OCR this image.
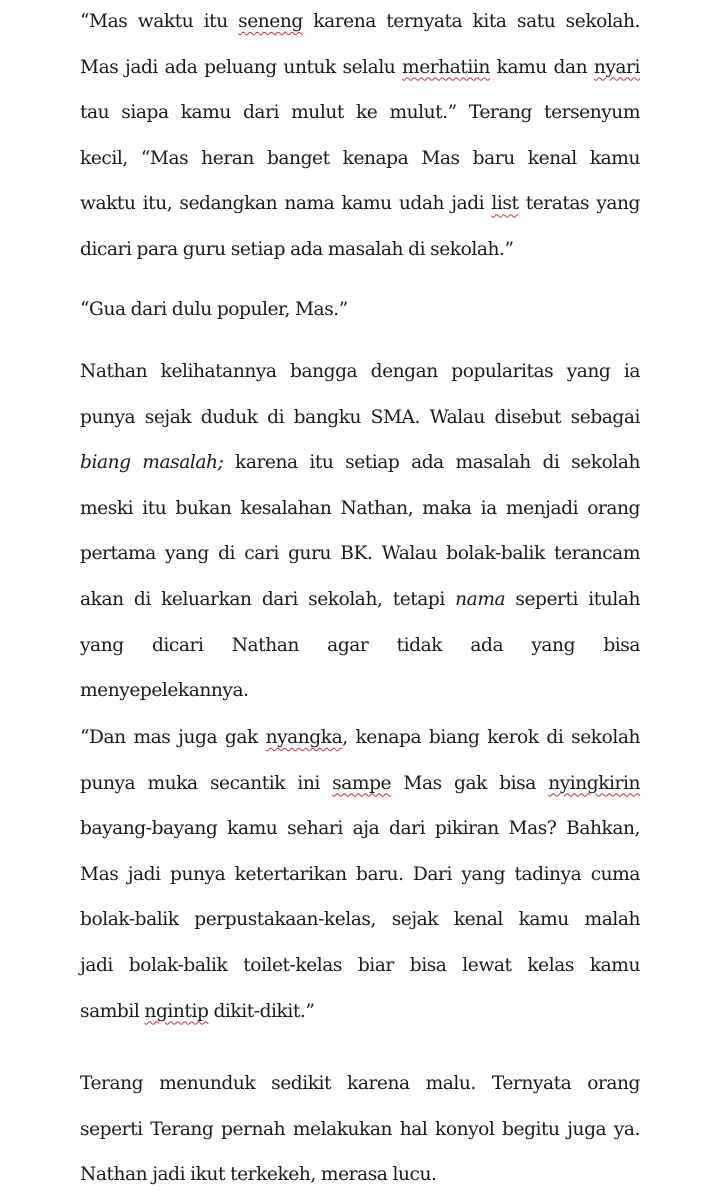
“Mas waktu itu seneng karena ternyata kita satu sekolah.
Mas jadi ada peluang untuk selalu merhatiin kamu dan nyari
tau siapa kamu dari mulut ke mulut.” Terang tersenyum
kecil, “Mas heran banget kenapa Mas baru kenal kamu
waktu itu, sedangkan nama kamu udah jadi list teratas yang
dicari para guru setiap ada masalah di sekolah.”
“Gua dari dulu populer, Mas.”
Nathan kelihatannya bangga dengan popularitas yang ia
punya sejak duduk di bangku SMA. Walau disebut sebagai
biang masalah; karena itu setiap ada masalah di sekolah
meski itu bukan kesalahan Nathan, maka ia menjadi orang
pertama yang di cari guru BK. Walau bolak-balik terancam
akan di keluarkan dari sekolah, tetapi nama seperti itulah
yang dicari Nathan agar tidak ada yang bisa
menyepelekannya.
“Dan mas juga gak nyangka, kenapa biang kerok di sekolah
punya muka secantik ini sampe Mas gak bisa nyingkirin
bayang-bayang kamu sehari aja dari pikiran Mas? Bahkan,
Mas jadi punya ketertarikan baru. Dari yang tadinya cuma
bolak-balik perpustakaan-kelas, sejak kenal kamu malah
jadi bolak-balik toilet-kelas biar bisa lewat kelas kamu
sambil ngintip dikit-dikit.”
Terang menunduk sedikit karena malu. Ternyata orang
seperti Terang pernah melakukan hal konyol begitu juga ya.
Nathan jadi ikut terkekeh, merasa lucu.
